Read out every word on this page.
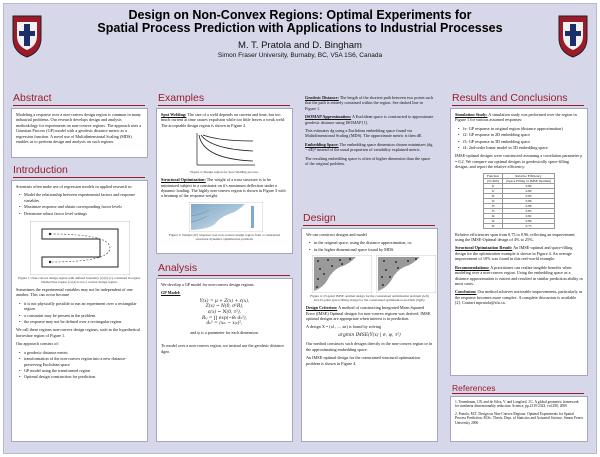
Design on Non-Convex Regions: Optimal Experiments for
Spatial Process Prediction with Applications to Industrial Processes
M. T. Pratola and D. Bingham
Simon Fraser University, Burnaby, BC, V5A 1S6, Canada
Abstract
Modeling a response over a non-convex design region is common in many industrial problems. Our research develops design and analysis methodology for experiments on non-convex regions. The approach uses a Gaussian Process (GP) model with a geodesic distance metric as a regression function. A novel use of Multidimensional Scaling (MDS) enables us to perform design and analysis on such regions.
Introduction
Scientists often make use of regression models in applied research to:
• Model the relationship between experimental factors and response variables
• Maximize response and obtain corresponding factor levels
• Determine robust factor level settings
Figure 1: Non-convex design region with defined boundary (a) (b) (c) contained in region. Dashed line region (c) (d) is not a convex design region.
Sometimes the experimental variables may not be independent of one another. This can occur because
• it is not physically possible to run an experiment over a rectangular region
• a constraint may be present in the problem
• the response may not be defined over a rectangular region.
We call these regions non-convex design regions, such as the hypothetical horseshoe region of Figure 1.
Our approach consists of:
• a geodesic distance metric
• transformation of the non-convex region into a new distance-preserving Euclidean space
• GP model using the transformed region
• Optimal design construction for prediction
Examples
Spot Welding: The size of a weld depends on current and time, but too much current at time causes expulsion while too little leaves a weak weld. The acceptable design region is shown in Figure 2.
Figure 2: Design region for Spot Welding process.
Structural Optimization: The weight of a truss structure is to be minimized subject to a constraint on it's maximum deflection under a dynamic loading. The highly non-convex region is shown in Figure 3 with a heatmap of the response weight.
Figure 3: Weight (W) response over non-convex design region from a constrained structural dynamics optimization problem.
Analysis
We develop a GP model for non-convex design regions.
GP Model:
Y(x) = μ + Z(x) + ε(x),
Z(x) ~ N(0, σ²R),
ε(x) ~ N(0, τ²),
Rᵢⱼ = ∏ exp(−θₖ dₖ²),
dₖ² = (xᵢₖ − xⱼₖ)²,
and ψ is a parameter for each dimension.
To model over a non-convex region, we instead use the geodesic distance dgeo.
Geodesic Distance: The length of the shortest path between two points such that the path is entirely contained within the region. See dashed line in Figure 1.
ISOMAP Approximation: A Euclidean space is constructed to approximate geodesic distance using ISOMAP [1].
This estimates dg using a Euclidean embedding space found via Multidimensional Scaling (MDS). The approximate metric is then dE.
Embedding Space: The embedding space dimension chosen minimizes (dg − dE)² instead of the usual proportion of variability explained metric.
The resulting embedding space is often of higher dimension than the space of the original problem.
Design
We can construct designs and model
• in the original space, using the distance approximation, or,
• in the higher dimensional space found by MDS.
Figure 4: 25-point IMSE optimal design for the constrained optimization problem (left) and 25-point space-filling design for the constrained optimization problem (right).
Design Criterion: A method of constructing Integrated Mean Squared Error (IMSE) Optimal designs for non-convex regions was derived. IMSE optimal designs are appropriate when interest is in prediction.
A design X = (x1, ..., xn) is found by solving
argmin IMSE(Y(x) | σ, ψ, τ²)
Our method constructs such designs directly in the non-convex region or in the approximating embedding space.
An IMSE-optimal design for the constrained structural optimization problem is shown in Figure 4.
Results and Conclusions
Simulation Study: A simulation study was performed over the region in Figure 1 for various assumed responses:
• fv: GP response in original region (distance approximation)
• f2: GP response in 2D embedding space
• f3: GP response in 3D embedding space
• f4: 2nd-order linear model in 3D embedding space
IMSE-optimal designs were constructed assuming a correlation parameter ρ = 0.2. We compare our optimal designs to geodesically space-filling designs, and report the relative efficiency:
Function	Relative Efficiency
(N=400)	(Space Filling vs IMSE Optimal)
fv	0.80
fv	0.80
f2	0.85
f2	0.86
f3	0.86
f3	0.85
f4	0.82
f4	0.89
f4	0.75
Relative efficiencies span from 0.75 to 0.96, reflecting an improvement using the IMSE-Optimal design of 4% to 25%.
Structural Optimization Result: An IMSE-optimal and space-filling design for the optimization example is shown in Figure 4. An average improvement of 10% was found in this real-world example.
Recommendations: A practitioner can realize tangible benefits when modeling over a non-convex region. Using the embedding space as a distance approximation is easiest and resulted in similar prediction ability in most cases.
Conclusion: Our method achieves noticeable improvements, particularly as the response becomes more complex. A complete discussion is available [2]. Contact mpratola@sfu.ca.
References
1. Tenenbaum, J.B. and de Silva, V. and Langford, J.C. A global geometric framework for nonlinear dimensionality reduction. Science, pp.2319-2323, vol.290, 2000
2. Pratola, M.T. Design on Non-Convex Regions: Optimal Experiments for Spatial Process Prediction, M.Sc. Thesis, Dept. of Statistics and Actuarial Science, Simon Fraser University 2006
